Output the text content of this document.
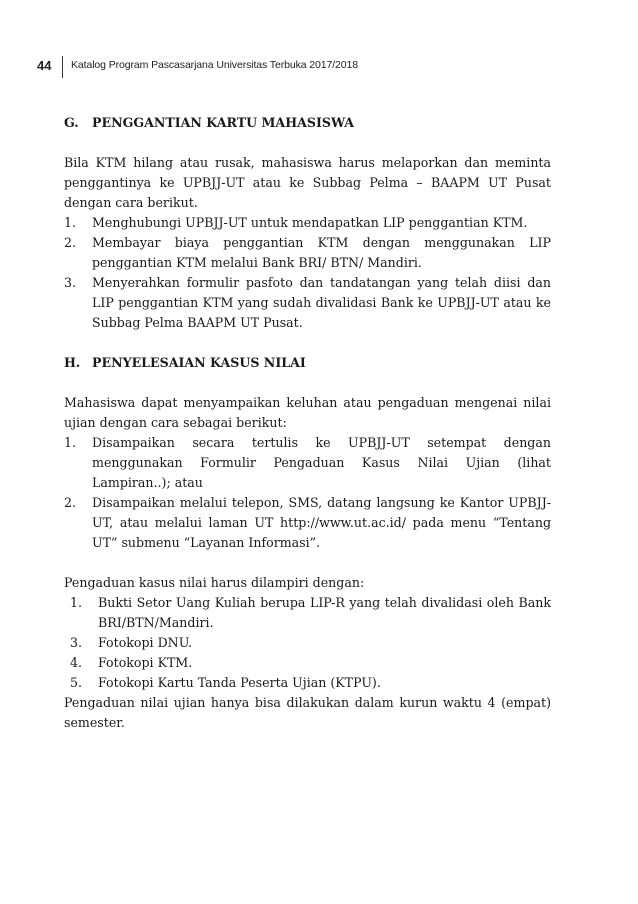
44 Katalog Program Pascasarjana Universitas Terbuka 2017/2018
G.	PENGGANTIAN KARTU MAHASISWA

Bila KTM hilang atau rusak, mahasiswa harus melaporkan dan meminta penggantinya ke UPBJJ-UT atau ke Subbag Pelma – BAAPM UT Pusat dengan cara berikut.

1.	Menghubungi UPBJJ-UT untuk mendapatkan LIP penggantian KTM.
2.	Membayar biaya penggantian KTM dengan menggunakan LIP penggantian KTM melalui Bank BRI/ BTN/ Mandiri.
3.	Menyerahkan formulir pasfoto dan tandatangan yang telah diisi dan LIP penggantian KTM yang sudah divalidasi Bank ke UPBJJ-UT atau ke Subbag Pelma BAAPM UT Pusat.
H. PENYELESAIAN KASUS NILAI

Mahasiswa dapat menyampaikan keluhan atau pengaduan mengenai nilai ujian dengan cara sebagai berikut:

1.	Disampaikan secara tertulis ke UPBJJ-UT setempat dengan menggunakan Formulir Pengaduan Kasus Nilai Ujian (lihat Lampiran..); atau
2.	Disampaikan melalui telepon, SMS, datang langsung ke Kantor UPBJJ-UT, atau melalui laman UT http://www.ut.ac.id/ pada menu “Tentang UT” submenu “Layanan Informasi”.

Pengaduan kasus nilai harus dilampiri dengan:

1.	Bukti Setor Uang Kuliah berupa LIP-R yang telah divalidasi oleh Bank BRI/BTN/Mandiri.
3.	Fotokopi DNU.
4.	Fotokopi KTM.
5.	Fotokopi Kartu Tanda Peserta Ujian (KTPU).

Pengaduan nilai ujian hanya bisa dilakukan dalam kurun waktu 4 (empat) semester.
